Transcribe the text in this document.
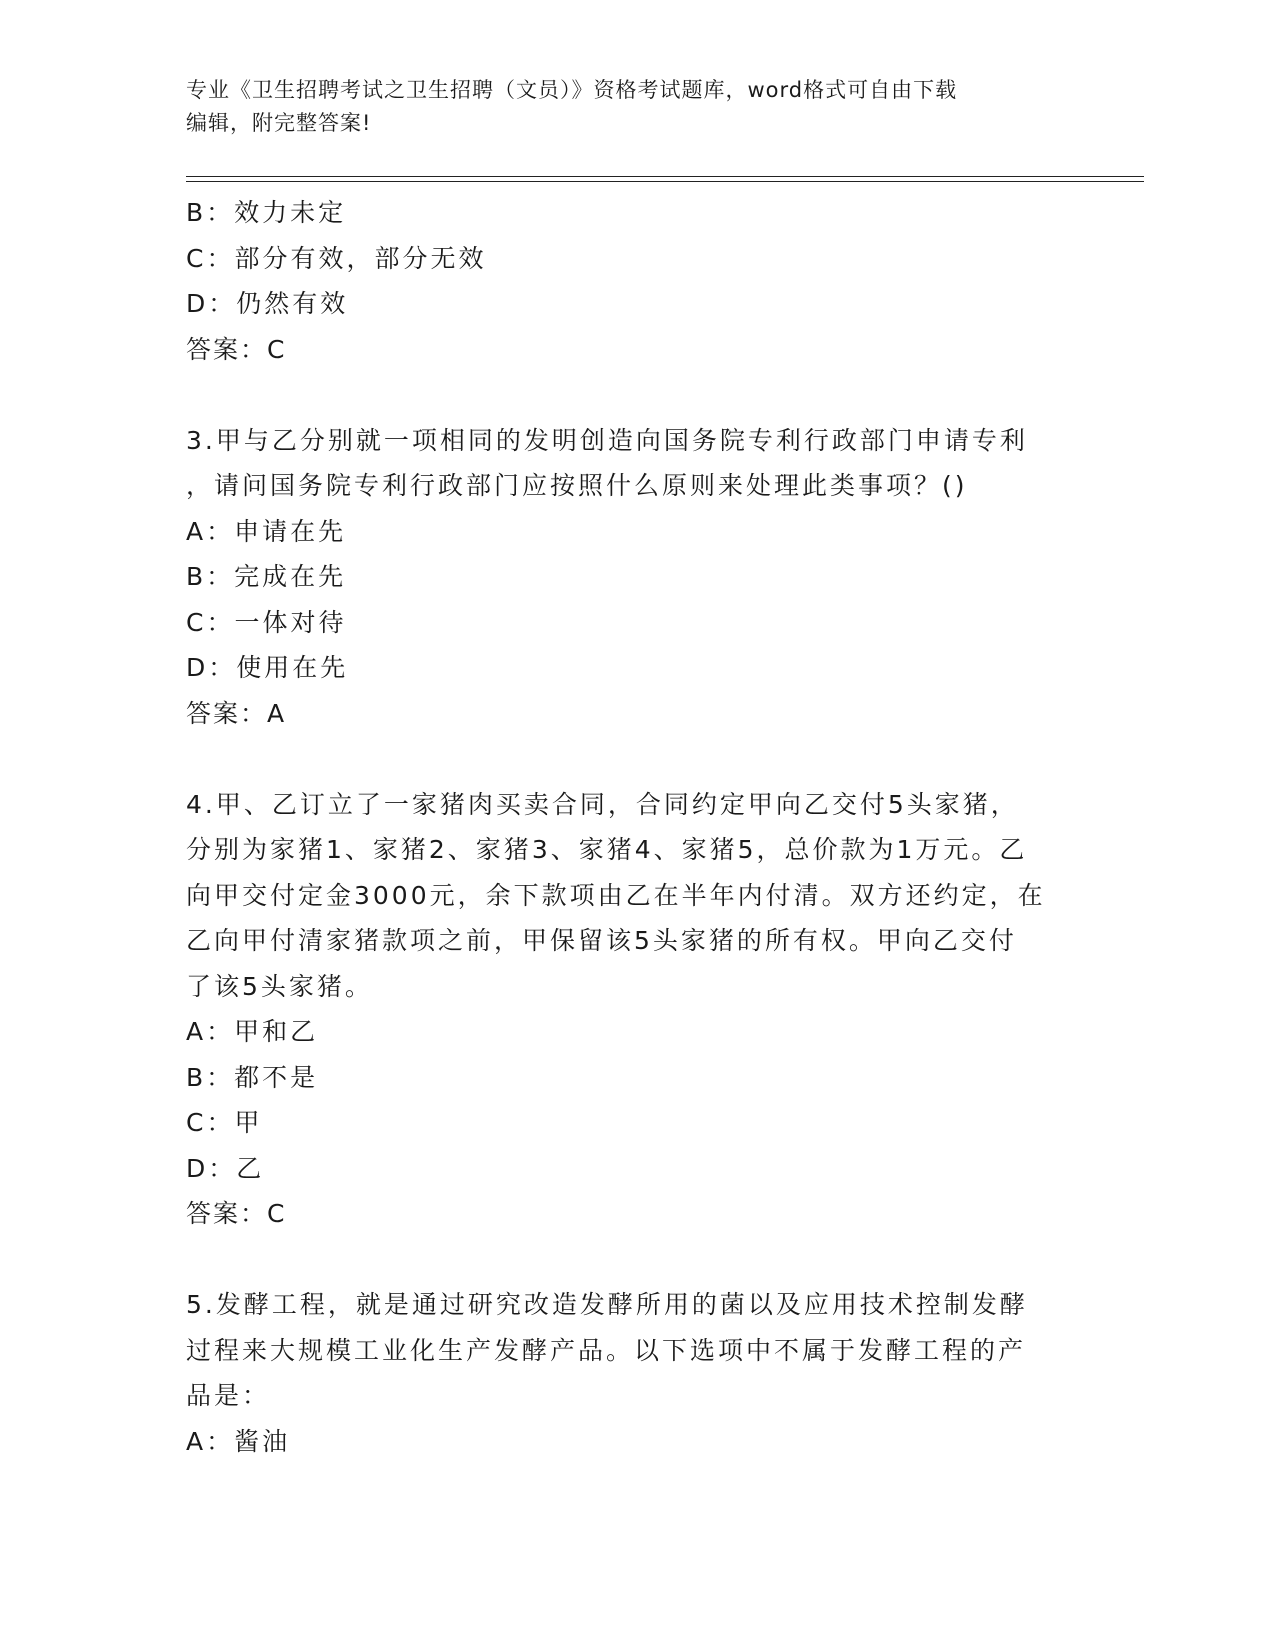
专业《卫生招聘考试之卫生招聘（文员）》资格考试题库，word格式可自由下载
编辑，附完整答案!
B：效力未定
C：部分有效，部分无效
D：仍然有效
答案：C
3.甲与乙分别就一项相同的发明创造向国务院专利行政部门申请专利
，请问国务院专利行政部门应按照什么原则来处理此类事项？()
A：申请在先
B：完成在先
C：一体对待
D：使用在先
答案：A
4.甲、乙订立了一家猪肉买卖合同，合同约定甲向乙交付5头家猪，
分别为家猪1、家猪2、家猪3、家猪4、家猪5，总价款为1万元。乙
向甲交付定金3000元，余下款项由乙在半年内付清。双方还约定，在
乙向甲付清家猪款项之前，甲保留该5头家猪的所有权。甲向乙交付
了该5头家猪。
A：甲和乙
B：都不是
C：甲
D：乙
答案：C
5.发酵工程，就是通过研究改造发酵所用的菌以及应用技术控制发酵
过程来大规模工业化生产发酵产品。以下选项中不属于发酵工程的产
品是：
A：酱油
